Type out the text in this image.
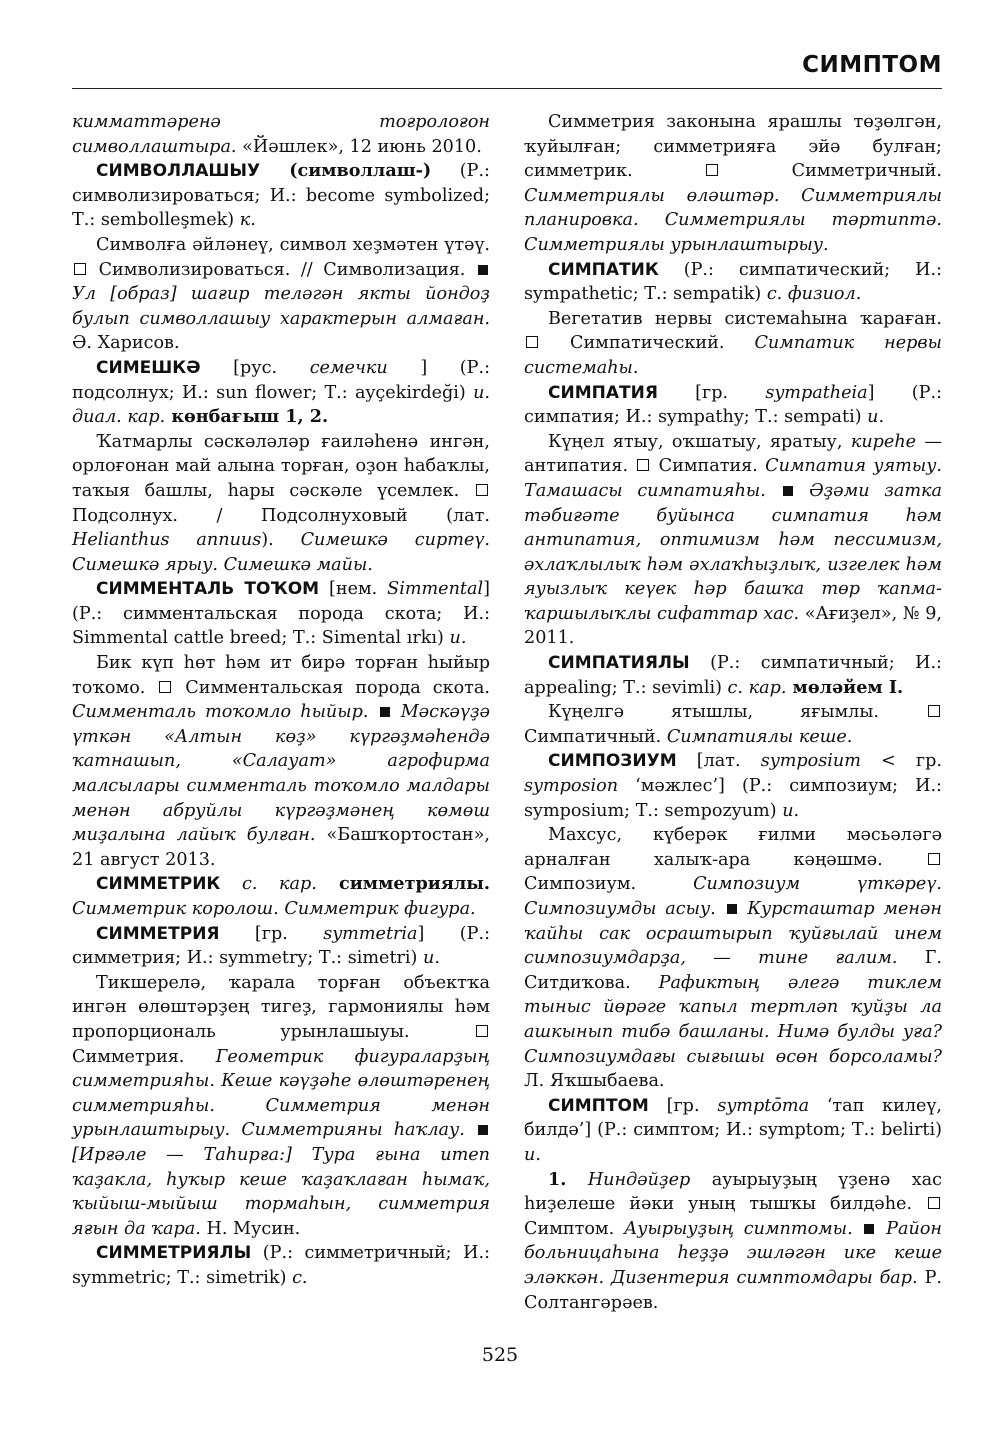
СИМПТОМ

кимматтәренә тоғролоғон символлаштыра. «Йәшлек», 12 июнь 2010.

СИМВОЛЛАШЫУ (символлаш-) (Р.: символизироваться; И.: become symbolized; Т.: sembolleşmek) к.

Символға әйләнеү, символ хеҙмәтен үтәү.  Символизироваться. // Символизация.  Ул [образ] шағир теләгән якты йондоҙ булып символлашыу характерын алмаған. Ә. Харисов.

СИМЕШКӘ [рус. семечки ] (Р.: подсолнух; И.: sun flower; Т.: ayçekirdeği) и. диал. кар. көнбағыш 1, 2.

Ҡатмарлы сәскәләләр ғаиләһенә ингән, орлоғонан май алына торған, оҙон һабаҡлы, таҡыя башлы, һары сәскәле үсемлек.  Подсолнух. / Подсолнуховый (лат. Helianthus annuus). Симешкә сиртеү. Симешкә ярыу. Симешкә майы.

СИММЕНТАЛЬ ТОҠОМ [нем. Simmental] (Р.: симментальская порода скота; И.: Simmental cattle breed; Т.: Simental ırkı) и.

Бик күп һөт һәм ит бирә торған һыйыр тоҡомо.  Симментальская порода скота. Симменталь тоҡомло һыйыр. Мәскәүҙә үткән «Алтын көҙ» күргәҙмәһендә ҡатнашып, «Салауат» агрофирма малсылары симменталь тоҡомло малдары менән абруйлы күргәҙмәнең көмөш миҙалына лайыҡ булған. «Башҡортостан», 21 август 2013.

СИММЕТРИК с. кар. симметриялы. Симметрик королош. Симметрик фигура.

СИММЕТРИЯ [гр. symmetria] (Р.: симметрия; И.: symmetry; Т.: simetri) и.

Тикшерелә, ҡарала торған объектҡа ингән өлөштәрҙең тигеҙ, гармониялы һәм пропорциональ урынлашыуы.  Симметрия. Геометрик фигураларҙың симметрияһы. Кеше кәүҙәһе өлөштәренең симметрияһы. Симметрия менән урынлаштырыу. Симметрияны һаҡлау.  [Ирғәле — Таһирға:] Тура ғына итеп ҡаҙакла, һуҡыр кеше ҡаҙаҡлаған һымаҡ, ҡыйыш-мыйыш тормаһын, симметрия яғын да ҡара. Н. Мусин.

СИММЕТРИЯЛЫ (Р.: симметричный; И.: symmetric; Т.: simetrik) с.

Симметрия законына ярашлы төҙөлгән, ҡуйылған; симметрияға эйә булған; симметрик.  Симметричный. Симметриялы өләштәр. Симметриялы планировка. Симметриялы тәртиптә. Симметриялы урынлаштырыу.

СИМПАТИК (Р.: симпатический; И.: sympathetic; Т.: sempatik) с. физиол.

Вегетатив нервы системаһына ҡараған.  Симпатический. Симпатик нервы системаһы.

СИМПАТИЯ [гр. sympatheia] (Р.: симпатия; И.: sympathy; Т.: sempati) и.

Күңел ятыу, оҡшатыу, яратыу, киреһе — антипатия.  Симпатия. Симпатия уятыу. Тамашасы симпатияһы. Әҙәми затка тәбиғәте буйынса симпатия һәм антипатия, оптимизм һәм пессимизм, әхлаҡлылыҡ һәм әхлаҡһыҙлыҡ, изгелек һәм яуызлыҡ кеүек һәр башҡа төр ҡапма-ҡаршылыҡлы сифаттар хас. «Ағиҙел», № 9, 2011.

СИМПАТИЯЛЫ (Р.: симпатичный; И.: appealing; Т.: sevimli) с. кар. мөләйем I.

Күңелгә ятышлы, яғымлы.  Симпатичный. Симпатиялы кеше.

СИМПОЗИУМ [лат. symposium < гр. symposion ‘мәжлес’] (Р.: симпозиум; И.: symposium; Т.: sempozyum) и.

Махсус, күберәк ғилми мәсьәләгә арналған халыҡ-ара кәңәшмә.  Симпозиум. Симпозиум үткәреү. Симпозиумды асыу. Курсташтар менән ҡайһы сак осраштырып ҡуйғылай инем симпозиумдарҙа, — тине ғалим. Г. Ситдиҡова. Рафиктың әлегә тиклем тыныс йөрәге ҡапыл тертләп ҡуйҙы ла ашкынып тибә башланы. Нимә булды уға? Симпозиумдағы сығышы өсөн борсоламы? Л. Яҡшыбаева.

СИМПТОМ [гр. symptōma ‘тап килеү, билдә’] (Р.: симптом; И.: symptom; Т.: belirti) и.

1. Ниндәйҙер ауырыуҙың үҙенә хас һиҙелеше йәки уның тышҡы билдәһе.  Симптом. Ауырыуҙың симптомы. Район больницаһына һеҙҙә эшләгән ике кеше эләккән. Дизентерия симптомдары бар. Р. Солтангәрәев.

525
